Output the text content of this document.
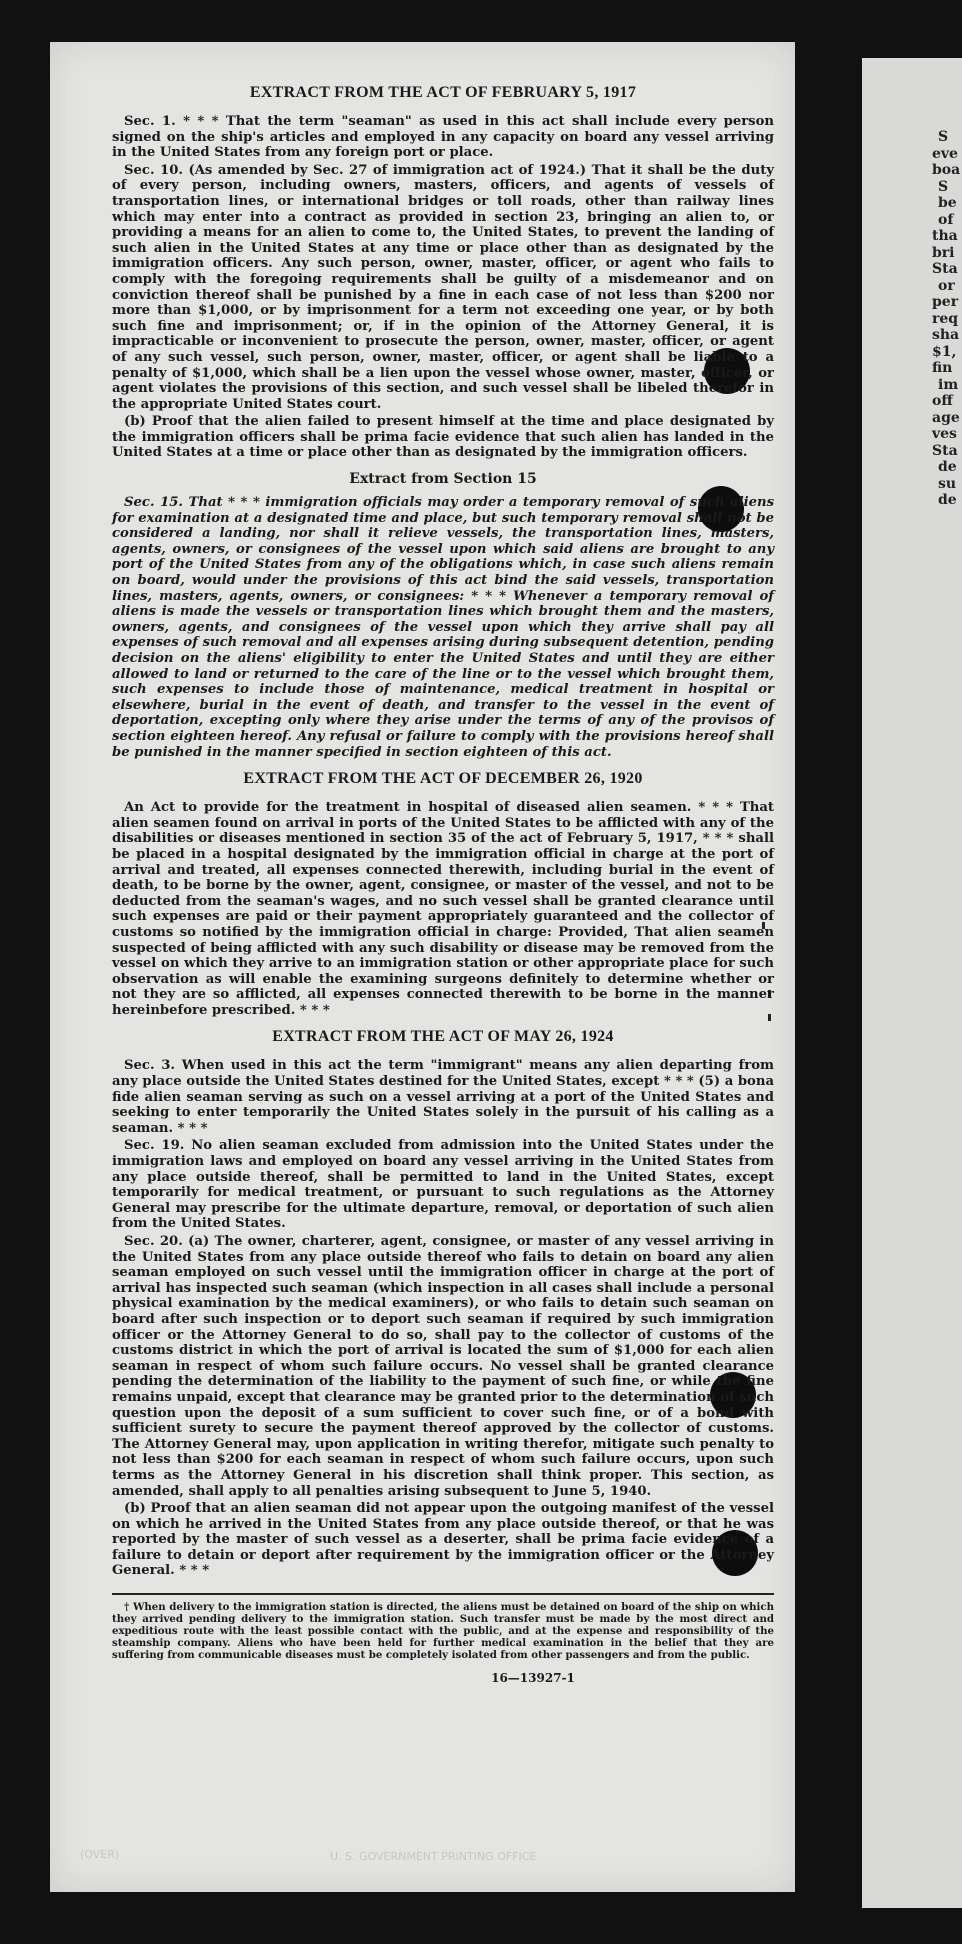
EXTRACT FROM THE ACT OF FEBRUARY 5, 1917

Sec. 1. * * * That the term "seaman" as used in this act shall include every person signed on the ship's articles and employed in any capacity on board any vessel arriving in the United States from any foreign port or place.

Sec. 10. (As amended by Sec. 27 of immigration act of 1924.) That it shall be the duty of every person, including owners, masters, officers, and agents of vessels of transportation lines, or international bridges or toll roads, other than railway lines which may enter into a contract as provided in section 23, bringing an alien to, or providing a means for an alien to come to, the United States, to prevent the landing of such alien in the United States at any time or place other than as designated by the immigration officers. Any such person, owner, master, officer, or agent who fails to comply with the foregoing requirements shall be guilty of a misdemeanor and on conviction thereof shall be punished by a fine in each case of not less than $200 nor more than $1,000, or by imprisonment for a term not exceeding one year, or by both such fine and imprisonment; or, if in the opinion of the Attorney General, it is impracticable or inconvenient to prosecute the person, owner, master, officer, or agent of any such vessel, such person, owner, master, officer, or agent shall be liable to a penalty of $1,000, which shall be a lien upon the vessel whose owner, master, officer, or agent violates the provisions of this section, and such vessel shall be libeled therefor in the appropriate United States court.

(b) Proof that the alien failed to present himself at the time and place designated by the immigration officers shall be prima facie evidence that such alien has landed in the United States at a time or place other than as designated by the immigration officers.

Extract from Section 15

Sec. 15. That * * * immigration officials may order a temporary removal of such aliens for examination at a designated time and place, but such temporary removal shall not be considered a landing, nor shall it relieve vessels, the transportation lines, masters, agents, owners, or consignees of the vessel upon which said aliens are brought to any port of the United States from any of the obligations which, in case such aliens remain on board, would under the provisions of this act bind the said vessels, transportation lines, masters, agents, owners, or consignees: * * * Whenever a temporary removal of aliens is made the vessels or transportation lines which brought them and the masters, owners, agents, and consignees of the vessel upon which they arrive shall pay all expenses of such removal and all expenses arising during subsequent detention, pending decision on the aliens' eligibility to enter the United States and until they are either allowed to land or returned to the care of the line or to the vessel which brought them, such expenses to include those of maintenance, medical treatment in hospital or elsewhere, burial in the event of death, and transfer to the vessel in the event of deportation, excepting only where they arise under the terms of any of the provisos of section eighteen hereof. Any refusal or failure to comply with the provisions hereof shall be punished in the manner specified in section eighteen of this act.

EXTRACT FROM THE ACT OF DECEMBER 26, 1920

An Act to provide for the treatment in hospital of diseased alien seamen. * * * That alien seamen found on arrival in ports of the United States to be afflicted with any of the disabilities or diseases mentioned in section 35 of the act of February 5, 1917, * * * shall be placed in a hospital designated by the immigration official in charge at the port of arrival and treated, all expenses connected therewith, including burial in the event of death, to be borne by the owner, agent, consignee, or master of the vessel, and not to be deducted from the seaman's wages, and no such vessel shall be granted clearance until such expenses are paid or their payment appropriately guaranteed and the collector of customs so notified by the immigration official in charge: Provided, That alien seamen suspected of being afflicted with any such disability or disease may be removed from the vessel on which they arrive to an immigration station or other appropriate place for such observation as will enable the examining surgeons definitely to determine whether or not they are so afflicted, all expenses connected therewith to be borne in the manner hereinbefore prescribed. * * *

EXTRACT FROM THE ACT OF MAY 26, 1924

Sec. 3. When used in this act the term "immigrant" means any alien departing from any place outside the United States destined for the United States, except * * * (5) a bona fide alien seaman serving as such on a vessel arriving at a port of the United States and seeking to enter temporarily the United States solely in the pursuit of his calling as a seaman. * * *

Sec. 19. No alien seaman excluded from admission into the United States under the immigration laws and employed on board any vessel arriving in the United States from any place outside thereof, shall be permitted to land in the United States, except temporarily for medical treatment, or pursuant to such regulations as the Attorney General may prescribe for the ultimate departure, removal, or deportation of such alien from the United States.

Sec. 20. (a) The owner, charterer, agent, consignee, or master of any vessel arriving in the United States from any place outside thereof who fails to detain on board any alien seaman employed on such vessel until the immigration officer in charge at the port of arrival has inspected such seaman (which inspection in all cases shall include a personal physical examination by the medical examiners), or who fails to detain such seaman on board after such inspection or to deport such seaman if required by such immigration officer or the Attorney General to do so, shall pay to the collector of customs of the customs district in which the port of arrival is located the sum of $1,000 for each alien seaman in respect of whom such failure occurs. No vessel shall be granted clearance pending the determination of the liability to the payment of such fine, or while the fine remains unpaid, except that clearance may be granted prior to the determination of such question upon the deposit of a sum sufficient to cover such fine, or of a bond with sufficient surety to secure the payment thereof approved by the collector of customs. The Attorney General may, upon application in writing therefor, mitigate such penalty to not less than $200 for each seaman in respect of whom such failure occurs, upon such terms as the Attorney General in his discretion shall think proper. This section, as amended, shall apply to all penalties arising subsequent to June 5, 1940.

(b) Proof that an alien seaman did not appear upon the outgoing manifest of the vessel on which he arrived in the United States from any place outside thereof, or that he was reported by the master of such vessel as a deserter, shall be prima facie evidence of a failure to detain or deport after requirement by the immigration officer or the Attorney General. * * *

† When delivery to the immigration station is directed, the aliens must be detained on board of the ship on which they arrived pending delivery to the immigration station. Such transfer must be made by the most direct and expeditious route with the least possible contact with the public, and at the expense and responsibility of the steamship company. Aliens who have been held for further medical examination in the belief that they are suffering from communicable diseases must be completely isolated from other passengers and from the public.
16—13927-1
U. S. GOVERNMENT PRINTING OFFICE
(OVER)
S
eve
boa
S
be
of
tha
bri
Sta
or
per
req
sha
$1,
fin
im
off
age
ves
Sta
de
su
de
